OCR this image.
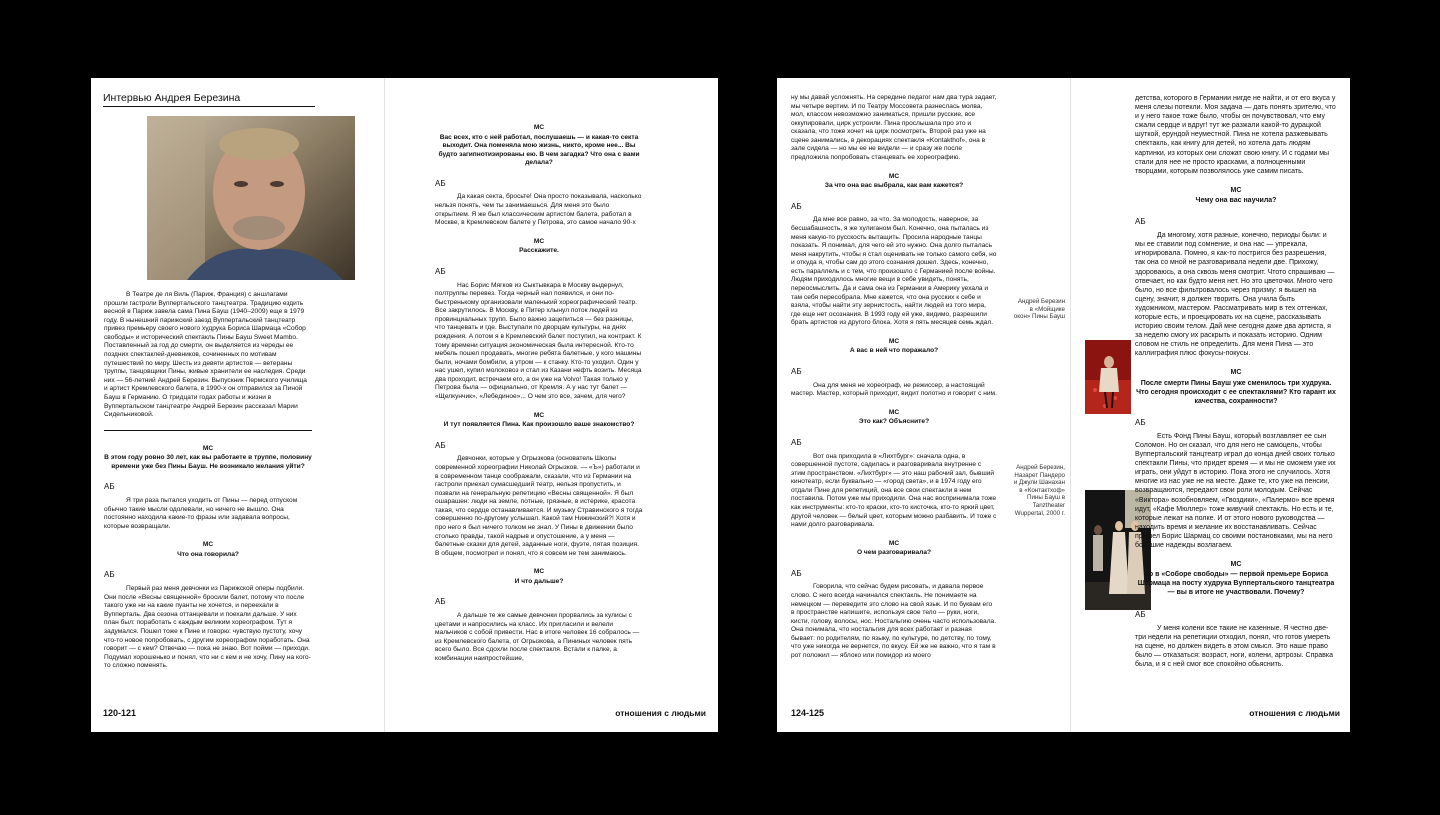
Интервью Андрея Березина

В Театре де ля Виль (Париж, Франция) с аншлагами прошли гастроли Вуппертальского танцтеатра. Традицию ездить весной в Париж завела сама Пина Бауш (1940–2009) еще в 1979 году. В нынешний парижский заезд Вуппертальский танцтеатр привез премьеру своего нового худрука Бориса Шармаца «Собор свободы» и исторический спектакль Пины Бауш Sweet Mambo. Поставленный за год до смерти, он выделяется из череды ее поздних спектаклей-дневников, сочиненных по мотивам путешествий по миру. Шесть из девяти артистов — ветераны труппы, танцовщики Пины, живые хранители ее наследия. Среди них — 56-летний Андрей Березин. Выпускник Пермского училища и артист Кремлевского балета, в 1990-х он отправился за Пиной Бауш в Германию. О тридцати годах работы и жизни в Вуппертальском танцтеатре Андрей Березин рассказал Марии Сидельниковой.

МС
В этом году ровно 30 лет, как вы работаете в труппе, половину времени уже без Пины Бауш. Не возникало желания уйти?
АБ

Я три раза пытался уходить от Пины — перед отпуском обычно такие мысли одолевали, но ничего не вышло. Она постоянно находила какие-то фразы или задавала вопросы, которые возвращали.

МС
Что она говорила?
АБ

Первый раз меня девчонки из Парижской оперы подбили. Они после «Весны священной» бросили балет, потому что после такого уже ни на какие пуанты не хочется, и переехали в Вупперталь. Два сезона оттанцевали и поехали дальше. У них план был: поработать с каждым великим хореографом. Тут я задумался. Пошел тоже к Пине и говорю: чувствую пустоту, хочу что-то новое попробовать, с другим хореографом поработать. Она говорит — с кем? Отвечаю — пока не знаю. Вот пойми — приходи. Подумал хорошенько и понял, что ни с кем и не хочу, Пину на кого-то сложно поменять.

120-121
МС
Вас всех, кто с ней работал, послушаешь — и какая-то секта выходит. Она поменяла мою жизнь, никто, кроме нее... Вы будто загипнотизированы ею. В чем загадка? Что она с вами делала?
АБ

Да какая секта, бросьте! Она просто показывала, насколько нельзя понять, чем ты занимаешься. Для меня это было открытием. Я же был классическим артистом балета, работал в Москве, в Кремлевском балете у Петрова, это самое начало 90-х

МС
Расскажите.
АБ

Нас Борис Мягков из Сыктывкара в Москву выдернул, полтруппы перевез. Тогда черный нал появился, и они по-быстренькому организовали маленький хореографический театр. Все закрутилось. В Москву, в Питер хлынул поток людей из провинциальных трупп. Было важно зацепиться — без разницы, что танцевать и где. Выступали по дворцам культуры, на днях рождения. А потом я в Кремлевский балет поступил, на контракт. К тому времени ситуация экономическая была интересной. Кто-то мебель пошел продавать, многие ребята балетные, у кого машины были, ночами бомбили, а утром — к станку. Кто-то уходил. Один у нас ушел, купил молоковоз и стал из Казани нефть возить. Месяца два проходит, встречаем его, а он уже на Volvo! Такая только у Петрова была — официально, от Кремля. А у нас тут балет — «Щелкунчик», «Лебединое»... О чем это все, зачем, для чего?

МС
И тут появляется Пина. Как произошло ваше знакомство?
АБ

Девчонки, которые у Огрызкова (основатель Школы современной хореографии Николай Огрызков. — «Ъ») работали и в современном танце соображали, сказали, что из Германии на гастроли приехал сумасшедший театр, нельзя пропустить, и позвали на генеральную репетицию «Весны священной». Я был ошарашен: люди на земле, потные, грязные, в истерике, красота такая, что сердце останавливается. И музыку Стравинского я тогда совершенно по-другому услышал. Какой там Нижинский?! Хотя и про него я был ничего толком не знал. У Пины в движении было столько правды, такой надрыв и опустошение, а у меня — балетные сказки для детей, заданные ноги, фуэте, пятая позиция. В общем, посмотрел и понял, что я совсем не тем занимаюсь.

МС
И что дальше?
АБ

А дальше те же самые девчонки прорвались за кулисы с цветами и напросились на класс. Их пригласили и велели мальчиков с собой привести. Нас в итоге человек 16 собралось — из Кремлевского балета, от Огрызкова, а Пининых человек пять всего было. Все сдохли после спектакля. Встали к палке, а комбинации наипростейшие,

отношения с людьми

ну мы давай усложнять. На середине педагог нам два тура задает, мы четыре вертим. И по Театру Моссовета разнеслась молва, мол, классом невозможно заниматься, пришли русские, все оккупировали, цирк устроили. Пина прослышала про это и сказала, что тоже хочет на цирк посмотреть. Второй раз уже на сцене занимались, в декорациях спектакля «Kontakthof», она в зале сидела — но мы ее не видели — и сразу же после предложила попробовать станцевать ее хореографию.

МС
За что она вас выбрала, как вам кажется?
АБ

Да мне все равно, за что. За молодость, наверное, за бесшабашность, я же хулиганом был. Конечно, она пыталась из меня какую-то русскость вытащить. Просила народные танцы показать. Я понимал, для чего ей это нужно. Она долго пыталась меня накрутить, чтобы я стал оценивать не только самого себя, но и откуда я, чтобы сам до этого сознания дошел. Здесь, конечно, есть параллель и с тем, что произошло с Германией после войны. Людям приходилось многие вещи в себе увидеть, понять, переосмыслить. Да и сама она из Германии в Америку уехала и там себя пересобрала. Мне кажется, что она русских к себе и взяла, чтобы найти эту зернистость, найти людей из того мира, где еще нет осознания. В 1993 году ей уже, видимо, разрешили брать артистов из другого блока. Хотя я пять месяцев семь ждал.

МС
А вас в ней что поражало?
АБ

Она для меня не хореограф, не режиссер, а настоящий мастер. Мастер, который приходит, видит полотно и говорит с ним.

МС
Это как? Объясните?
АБ

Вот она приходила в «Лихтбург»: сначала одна, в совершенной пустоте, садилась и разговаривала внутренне с этим пространством. «Лихтбург» — это наш рабочий зал, бывший кинотеатр, если буквально — «город света», и в 1974 году его отдали Пине для репетиций, она все свои спектакли в нем поставила. Потом уже мы приходили. Она нас воспринимала тоже как инструменты: кто-то краски, кто-то кисточка, кто-то яркий цвет, другой человек — белый цвет, которым можно разбавить. И тоже с нами долго разговаривала.

МС
О чем разговаривала?
АБ

Говорила, что сейчас будем рисовать, и давала первое слово. С него всегда начинался спектакль. Не понимаете на немецком — переведите это слово на свой язык. И по буквам его в пространстве напишите, используя свое тело — руки, ноги, кисти, голову, волосы, нос. Ностальгию очень часто использовала. Она понимала, что ностальгия для всех работает и разная бывает: по родителям, по языку, по культуре, по детству, по тому, что уже никогда не вернется, по вкусу. Ей же не важно, что я там в рот положил — яблоко или помидор из моего

Андрей Березин в «Мойщике окон» Пины Бауш
Андрей Березин, Назарет Пандеро и Джули Шанахан в «Контактхоф» Пины Бауш в Tanztheater Wuppertal, 2000 г.
124-125

детства, которого в Германии нигде не найти, и от его вкуса у меня слезы потекли. Моя задача — дать понять зрителю, что и у него такое тоже было, чтобы он почувствовал, что ему сжали сердце и вдруг! тут же разжали какой-то дурацкой шуткой, ерундой неуместной. Пина не хотела разжевывать спектакль, как книгу для детей, но хотела дать людям картинки, из которых они сложат свою книгу. И с годами мы стали для нее не просто красками, а полноценными творцами, которым позволялось уже самим писать.

МС
Чему она вас научила?
АБ

Да многому, хотя разные, конечно, периоды были: и мы ее ставили под сомнение, и она нас — упрекала, игнорировала. Помню, я как-то постригся без разрешения, так она со мной не разговаривала недели две. Прихожу, здороваюсь, а она сквозь меня смотрит. Чтото спрашиваю — отвечает, но как будто меня нет. Но это цветочки. Много чего было, но все фильтровалось через призму: я вышел на сцену, значит, я должен творить. Она учила быть художником, мастером. Рассматривать мир в тех оттенках, которые есть, и проецировать их на сцене, рассказывать историю своим телом. Дай мне сегодня даже два артиста, я за неделю смогу их раскрыть и показать историю. Одним словом не стиль не определить. Для меня Пина — это каллиграфия плюс фокусы-покусы.

МС
После смерти Пины Бауш уже сменилось три худрука. Что сегодня происходит с ее спектаклями? Кто гарант их качества, сохранности?
АБ

Есть Фонд Пины Бауш, который возглавляет ее сын Соломон. Но он сказал, что для него не самоцель, чтобы Вуппертальский танцтеатр играл до конца дней своих только спектакли Пины, что придет время — и мы не сможем уже их играть, они уйдут в историю. Пока этого не случилось. Хотя многие из нас уже не на месте. Даже те, кто уже на пенсии, возвращаются, передают свои роли молодым. Сейчас «Виктора» возобновляем, «Гвоздики», «Палермо» все время идут, «Кафе Мюллер» тоже живучий спектакль. Но есть и те, которые лежат на полке. И от этого нового руководства — находить время и желание их восстанавливать. Сейчас пришел Борис Шармац со своими постановками, мы на него большие надежды возлагаем.

МС
Но в «Соборе свободы» — первой премьере Бориса Шармаца на посту худрука Вуппертальского танцтеатра — вы в итоге не участвовали. Почему?
АБ

У меня колени все такие не казенные. Я честно две-три недели на репетиции отходил, понял, что готов умереть на сцене, но должен видеть в этом смысл. Это наше право было — отказаться: возраст, ноги, колени, артрозы. Справка была, и я с ней смог все спокойно обьяснить.

отношения с людьми
